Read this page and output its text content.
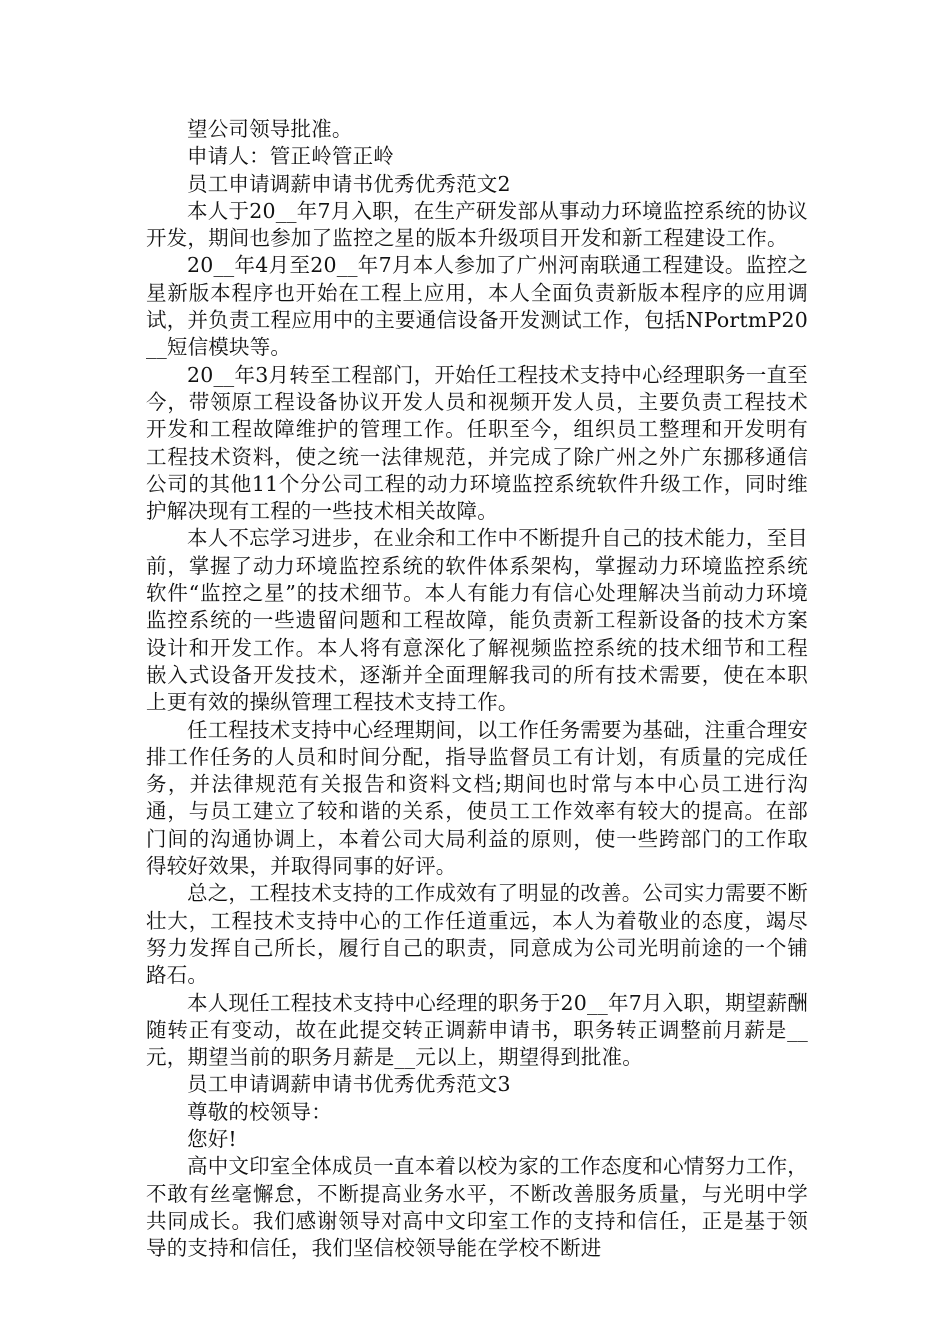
望公司领导批准。

申请人：管正岭管正岭

员工申请调薪申请书优秀优秀范文2

本人于20__年7月入职，在生产研发部从事动力环境监控系统的协议开发，期间也参加了监控之星的版本升级项目开发和新工程建设工作。

20__年4月至20__年7月本人参加了广州河南联通工程建设。监控之星新版本程序也开始在工程上应用，本人全面负责新版本程序的应用调试，并负责工程应用中的主要通信设备开发测试工作，包括NPortmP20__短信模块等。

20__年3月转至工程部门，开始任工程技术支持中心经理职务一直至今，带领原工程设备协议开发人员和视频开发人员，主要负责工程技术开发和工程故障维护的管理工作。任职至今，组织员工整理和开发明有工程技术资料，使之统一法律规范，并完成了除广州之外广东挪移通信公司的其他11个分公司工程的动力环境监控系统软件升级工作，同时维护解决现有工程的一些技术相关故障。

本人不忘学习进步，在业余和工作中不断提升自己的技术能力，至目前，掌握了动力环境监控系统的软件体系架构，掌握动力环境监控系统软件“监控之星”的技术细节。本人有能力有信心处理解决当前动力环境监控系统的一些遗留问题和工程故障，能负责新工程新设备的技术方案设计和开发工作。本人将有意深化了解视频监控系统的技术细节和工程嵌入式设备开发技术，逐渐并全面理解我司的所有技术需要，使在本职上更有效的操纵管理工程技术支持工作。

任工程技术支持中心经理期间，以工作任务需要为基础，注重合理安排工作任务的人员和时间分配，指导监督员工有计划，有质量的完成任务，并法律规范有关报告和资料文档;期间也时常与本中心员工进行沟通，与员工建立了较和谐的关系，使员工工作效率有较大的提高。在部门间的沟通协调上，本着公司大局利益的原则，使一些跨部门的工作取得较好效果，并取得同事的好评。

总之，工程技术支持的工作成效有了明显的改善。公司实力需要不断壮大，工程技术支持中心的工作任道重远，本人为着敬业的态度，竭尽努力发挥自己所长，履行自己的职责，同意成为公司光明前途的一个铺路石。

本人现任工程技术支持中心经理的职务于20__年7月入职，期望薪酬随转正有变动，故在此提交转正调薪申请书，职务转正调整前月薪是__元，期望当前的职务月薪是__元以上，期望得到批准。

员工申请调薪申请书优秀优秀范文3

尊敬的校领导：

您好!

高中文印室全体成员一直本着以校为家的工作态度和心情努力工作，不敢有丝毫懈怠，不断提高业务水平，不断改善服务质量，与光明中学共同成长。我们感谢领导对高中文印室工作的支持和信任，正是基于领导的支持和信任，我们坚信校领导能在学校不断进
